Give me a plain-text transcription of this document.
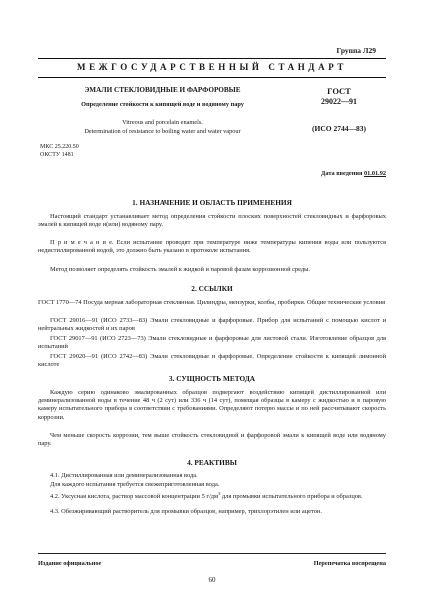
Группа Л29
МЕЖГОСУДАРСТВЕННЫЙ СТАНДАРТ
ЭМАЛИ СТЕКЛОВИДНЫЕ И ФАРФОРОВЫЕ
Определение стойкости к кипящей воде и водяному пару
ГОСТ
29022—91
Vitreous and porcelain enamels.
Determination of resistance to boiling water and water vapour	(ИСО 2744—83)
МКС 25.220.50
ОКСТУ 1481
Дата введения 01.01.92
1. НАЗНАЧЕНИЕ И ОБЛАСТЬ ПРИМЕНЕНИЯ
Настоящий стандарт устанавливает метод определения стойкости плоских поверхностей стекловидных и фарфоровых эмалей к кипящей воде и(или) водяному пару.
П р и м е ч а н и е. Если испытание проводят при температуре ниже температуры кипения воды или пользуются недистиллированной водой, это должно быть указано в протоколе испытания.
Метод позволяет определять стойкость эмалей к жидкой и паровой фазам коррозионной среды.
2. ССЫЛКИ
ГОСТ 1770—74 Посуда мерная лабораторная стеклянная. Цилиндры, мензурки, колбы, пробирки. Общие технические условия
ГОСТ 29016—91 (ИСО 2733—83) Эмали стекловидные и фарфоровые. Прибор для испытаний с помощью кислот и нейтральных жидкостей и их паров
ГОСТ 29017—91 (ИСО 2723—73) Эмали стекловидные и фарфоровые для листовой стали. Изготовление образцов для испытаний
ГОСТ 29020—91 (ИСО 2742—83) Эмали стекловидные и фарфоровые. Определение стойкости к кипящей лимонной кислоте
3. СУЩНОСТЬ МЕТОДА
Каждую серию одинаково эмалированных образцов подвергают воздействию кипящей дистиллированной или деминерализованной воды в течение 48 ч (2 сут) или 336 ч (14 сут), помещая образцы в камеру с жидкостью и в паровую камеру испытательного прибора в соответствии с требованиями. Определяют потерю массы и по ней рассчитывают скорость коррозии.
Чем меньше скорость коррозии, тем выше стойкость стекловидной и фарфоровой эмали к кипящей воде или водяному пару.
4. РЕАКТИВЫ
4.1. Дистиллированная или деминерализованная вода.
Для каждого испытания требуется свежеприготовленная вода.
4.2. Уксусная кислота, раствор массовой концентрации 5 $г/дм^3$ для промывки испытательного прибора и образцов.
4.3. Обезжиривающий растворитель для промывки образцов, например, трихлорэтилен или ацетон.
Издание официальное	Перепечатка воспрещена
60
